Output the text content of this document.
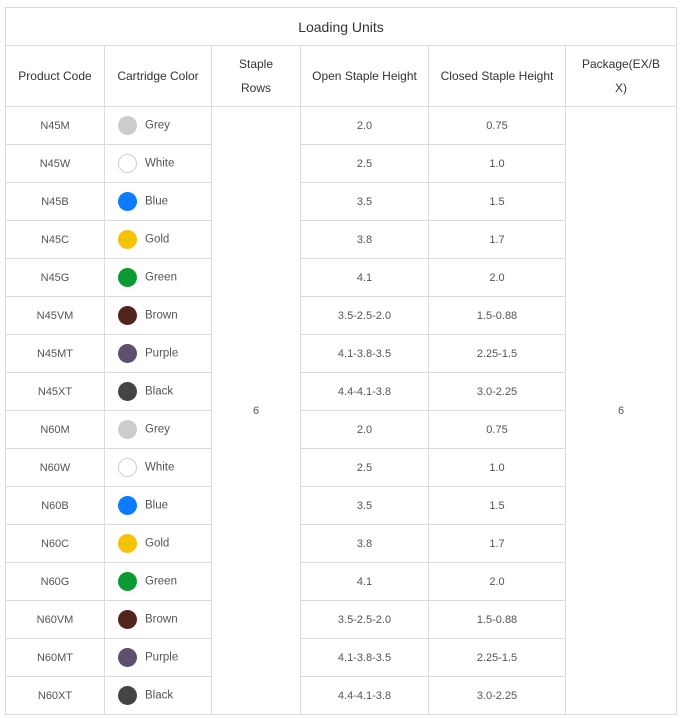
Loading Units					
Product Code	Cartridge Color	Staple Rows	Open Staple Height	Closed Staple Height	Package(EX/BX)
N45M	Grey	6	2.0	0.75	6
N45W	White		2.5	1.0	
N45B	Blue		3.5	1.5	
N45C	Gold		3.8	1.7	
N45G	Green		4.1	2.0	
N45VM	Brown		3.5-2.5-2.0	1.5-0.88	
N45MT	Purple		4.1-3.8-3.5	2.25-1.5	
N45XT	Black		4.4-4.1-3.8	3.0-2.25	
N60M	Grey		2.0	0.75	
N60W	White		2.5	1.0	
N60B	Blue		3.5	1.5	
N60C	Gold		3.8	1.7	
N60G	Green		4.1	2.0	
N60VM	Brown		3.5-2.5-2.0	1.5-0.88	
N60MT	Purple		4.1-3.8-3.5	2.25-1.5	
N60XT	Black		4.4-4.1-3.8	3.0-2.25	
